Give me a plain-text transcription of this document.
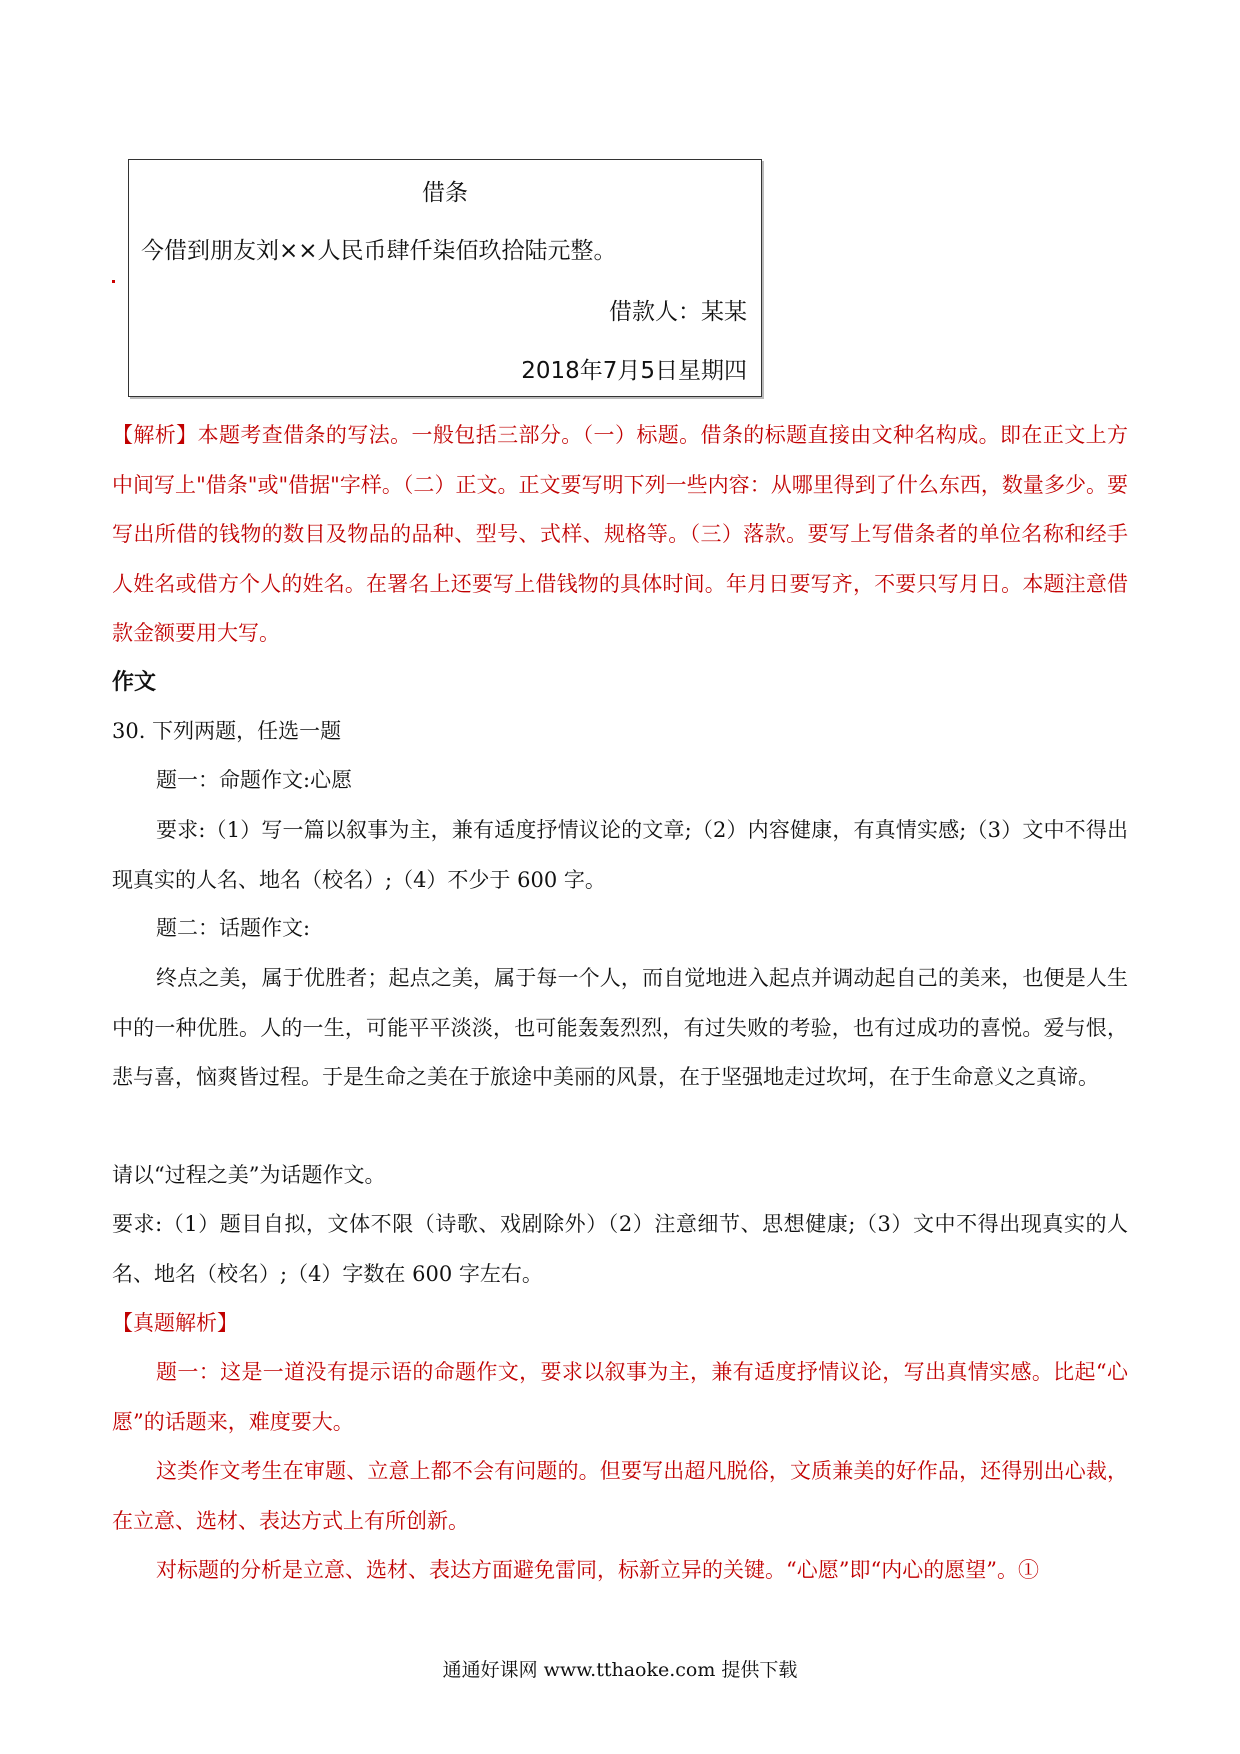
借条
今借到朋友刘××人民币肆仟柒佰玖拾陆元整。
借款人：某某
2018年7月5日星期四
【解析】本题考查借条的写法。一般包括三部分。（一）标题。借条的标题直接由文种名构成。即在正文上方中间写上"借条"或"借据"字样。（二）正文。正文要写明下列一些内容：从哪里得到了什么东西，数量多少。要写出所借的钱物的数目及物品的品种、型号、式样、规格等。（三）落款。要写上写借条者的单位名称和经手人姓名或借方个人的姓名。在署名上还要写上借钱物的具体时间。年月日要写齐，不要只写月日。本题注意借款金额要用大写。
作文
30. 下列两题，任选一题
题一：命题作文:心愿
要求:（1）写一篇以叙事为主，兼有适度抒情议论的文章;（2）内容健康，有真情实感;（3）文中不得出现真实的人名、地名（校名）;（4）不少于 600 字。
题二：话题作文:
终点之美，属于优胜者；起点之美，属于每一个人，而自觉地进入起点并调动起自己的美来，也便是人生中的一种优胜。人的一生，可能平平淡淡，也可能轰轰烈烈，有过失败的考验，也有过成功的喜悦。爱与恨，悲与喜，恼爽皆过程。于是生命之美在于旅途中美丽的风景，在于坚强地走过坎坷，在于生命意义之真谛。
请以“过程之美”为话题作文。
要求:（1）题目自拟，文体不限（诗歌、戏剧除外）（2）注意细节、思想健康;（3）文中不得出现真实的人名、地名（校名）;（4）字数在 600 字左右。
【真题解析】
题一：这是一道没有提示语的命题作文，要求以叙事为主，兼有适度抒情议论，写出真情实感。比起“心愿”的话题来，难度要大。
这类作文考生在审题、立意上都不会有问题的。但要写出超凡脱俗，文质兼美的好作品，还得别出心裁，在立意、选材、表达方式上有所创新。
对标题的分析是立意、选材、表达方面避免雷同，标新立异的关键。“心愿”即“内心的愿望”。①
通通好课网 www.tthaoke.com 提供下载
